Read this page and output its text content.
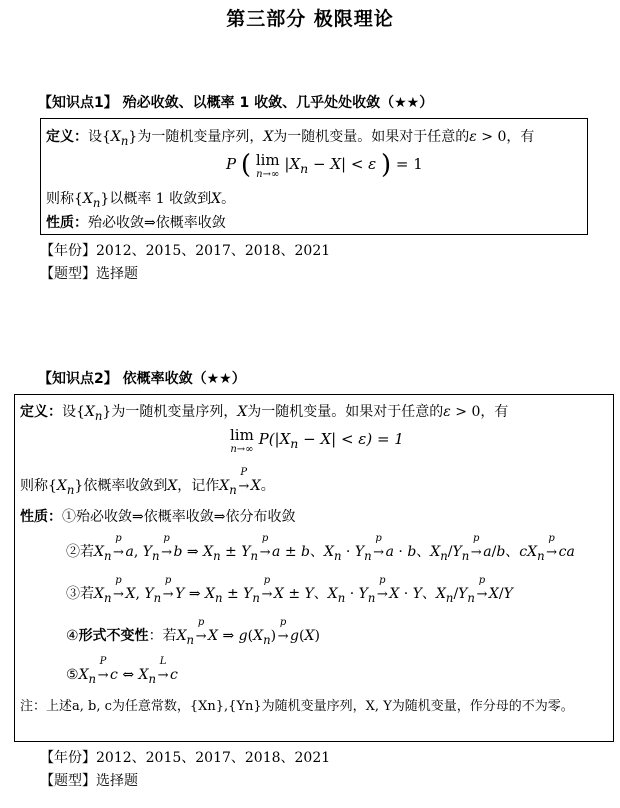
第三部分 极限理论
【知识点1】 殆必收敛、以概率 1 收敛、几乎处处收敛（★★）
定义：设$\{X_n\}$为一随机变量序列，X为一随机变量。如果对于任意的ε > 0，有
P ( lim
n→∞
$|X_n - X| < \varepsilon$ ) = 1
则称$\{X_n\}$以概率 1 收敛到X。
性质：殆必收敛⇒依概率收敛
【年份】2012、2015、2017、2018、2021
【题型】选择题
【知识点2】 依概率收敛（★★）
定义：设$\{X_n\}$为一随机变量序列，X为一随机变量。如果对于任意的ε > 0，有
lim
n→∞
$P(|X_n - X| < \varepsilon) = 1$
则称$\{X_n\}$依概率收敛到X，记作$X_n$
P
→ X。
性质：①殆必收敛⇒依概率收敛⇒依分布收敛
②若$X_n$
p
→ a, $Y_n$
p
→ b ⇒ $X_n \pm Y_n$
p
→ a ± b、$X_n \cdot Y_n$
p
→ a · b、$X_n/Y_n$
p
→ a/b、$cX_n$
p
→ ca
③若$X_n$
p
→ X, $Y_n$
p
→ Y ⇒ $X_n \pm Y_n$
p
→ X ± Y、$X_n \cdot Y_n$
p
→ X · Y、$X_n/Y_n$
p
→ X/Y
④形式不变性：若$X_n$
p
→ X ⇒ $g(X_n)$
p
→ g(X)
$⑤X_n$
P
→ c ⇔ $X_n$
L
→ c
注：上述a, b, c为任意常数，{Xn},{Yn}为随机变量序列，X, Y为随机变量，作分母的不为零。
【年份】2012、2015、2017、2018、2021
【题型】选择题
